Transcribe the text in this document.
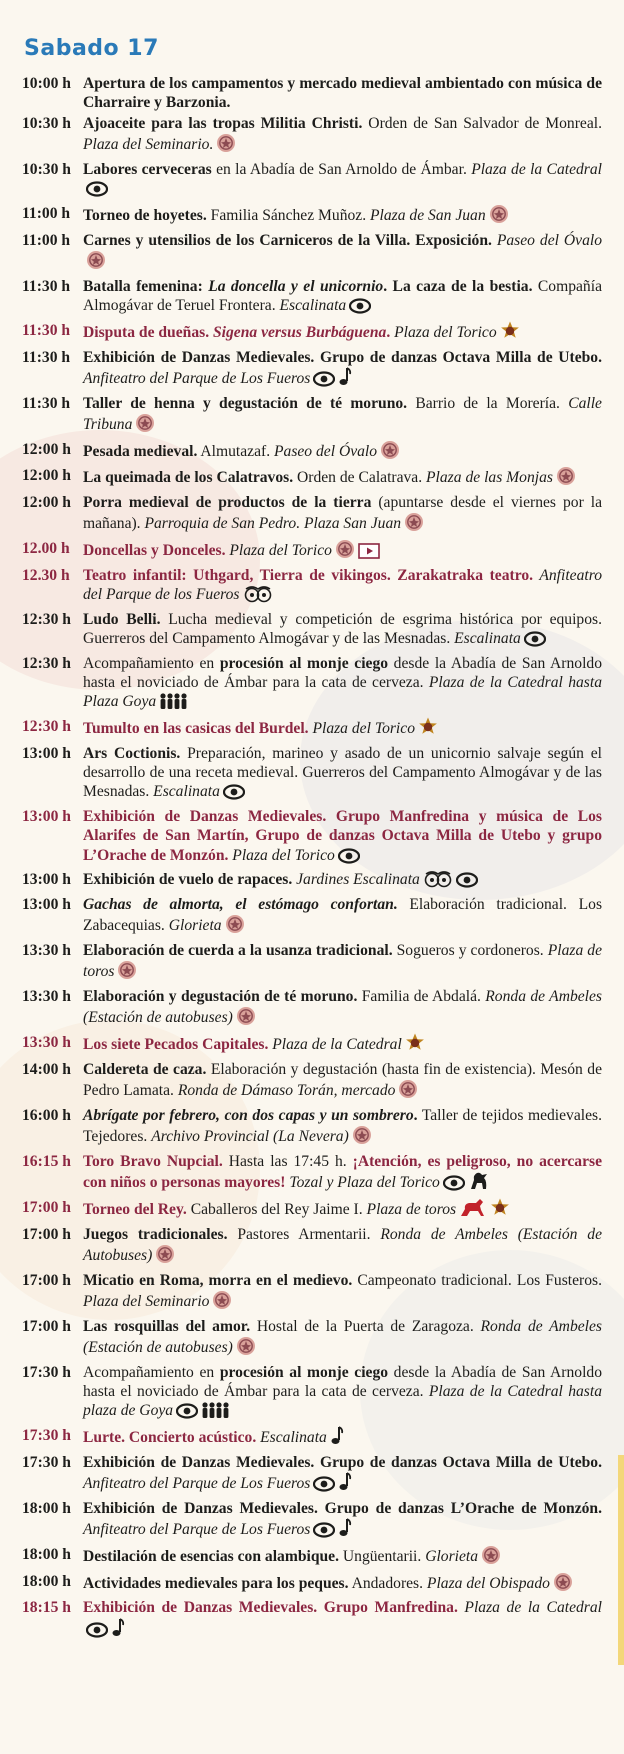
Sabado 17
10:00 h Apertura de los campamentos y mercado medieval ambientado con música de Charraire y Barzonia.
10:30 h Ajoaceite para las tropas Militia Christi. Orden de San Salvador de Monreal. Plaza del Seminario.
10:30 h Labores cerveceras en la Abadía de San Arnoldo de Ámbar. Plaza de la Catedral
11:00 h Torneo de hoyetes. Familia Sánchez Muñoz. Plaza de San Juan
11:00 h Carnes y utensilios de los Carniceros de la Villa. Exposición. Paseo del Óvalo
11:30 h Batalla femenina: La doncella y el unicornio. La caza de la bestia. Compañía Almogávar de Teruel Frontera. Escalinata
11:30 h Disputa de dueñas. Sigena versus Burbáguena. Plaza del Torico
11:30 h Exhibición de Danzas Medievales. Grupo de danzas Octava Milla de Utebo. Anfiteatro del Parque de Los Fueros
11:30 h Taller de henna y degustación de té moruno. Barrio de la Morería. Calle Tribuna
12:00 h Pesada medieval. Almutazaf. Paseo del Óvalo
12:00 h La queimada de los Calatravos. Orden de Calatrava. Plaza de las Monjas
12:00 h Porra medieval de productos de la tierra (apuntarse desde el viernes por la mañana). Parroquia de San Pedro. Plaza San Juan
12.00 h Doncellas y Donceles. Plaza del Torico
12.30 h Teatro infantil: Uthgard, Tierra de vikingos. Zarakatraka teatro. Anfiteatro del Parque de los Fueros
12:30 h Ludo Belli. Lucha medieval y competición de esgrima histórica por equipos. Guerreros del Campamento Almogávar y de las Mesnadas. Escalinata
12:30 h Acompañamiento en procesión al monje ciego desde la Abadía de San Arnoldo hasta el noviciado de Ámbar para la cata de cerveza. Plaza de la Catedral hasta Plaza Goya
12:30 h Tumulto en las casicas del Burdel. Plaza del Torico
13:00 h Ars Coctionis. Preparación, marineo y asado de un unicornio salvaje según el desarrollo de una receta medieval. Guerreros del Campamento Almogávar y de las Mesnadas. Escalinata
13:00 h Exhibición de Danzas Medievales. Grupo Manfredina y música de Los Alarifes de San Martín, Grupo de danzas Octava Milla de Utebo y grupo L’Orache de Monzón. Plaza del Torico
13:00 h Exhibición de vuelo de rapaces. Jardines Escalinata
13:00 h Gachas de almorta, el estómago confortan. Elaboración tradicional. Los Zabacequias. Glorieta
13:30 h Elaboración de cuerda a la usanza tradicional. Sogueros y cordoneros. Plaza de toros
13:30 h Elaboración y degustación de té moruno. Familia de Abdalá. Ronda de Ambeles (Estación de autobuses)
13:30 h Los siete Pecados Capitales. Plaza de la Catedral
14:00 h Caldereta de caza. Elaboración y degustación (hasta fin de existencia). Mesón de Pedro Lamata. Ronda de Dámaso Torán, mercado
16:00 h Abrígate por febrero, con dos capas y un sombrero. Taller de tejidos medievales. Tejedores. Archivo Provincial (La Nevera)
16:15 h Toro Bravo Nupcial. Hasta las 17:45 h. ¡Atención, es peligroso, no acercarse con niños o personas mayores! Tozal y Plaza del Torico
17:00 h Torneo del Rey. Caballeros del Rey Jaime I. Plaza de toros
17:00 h Juegos tradicionales. Pastores Armentarii. Ronda de Ambeles (Estación de Autobuses)
17:00 h Micatio en Roma, morra en el medievo. Campeonato tradicional. Los Fusteros. Plaza del Seminario
17:00 h Las rosquillas del amor. Hostal de la Puerta de Zaragoza. Ronda de Ambeles (Estación de autobuses)
17:30 h Acompañamiento en procesión al monje ciego desde la Abadía de San Arnoldo hasta el noviciado de Ámbar para la cata de cerveza. Plaza de la Catedral hasta plaza de Goya
17:30 h Lurte. Concierto acústico. Escalinata
17:30 h Exhibición de Danzas Medievales. Grupo de danzas Octava Milla de Utebo. Anfiteatro del Parque de Los Fueros
18:00 h Exhibición de Danzas Medievales. Grupo de danzas L’Orache de Monzón. Anfiteatro del Parque de Los Fueros
18:00 h Destilación de esencias con alambique. Ungüentarii. Glorieta
18:00 h Actividades medievales para los peques. Andadores. Plaza del Obispado
18:15 h Exhibición de Danzas Medievales. Grupo Manfredina. Plaza de la Catedral
